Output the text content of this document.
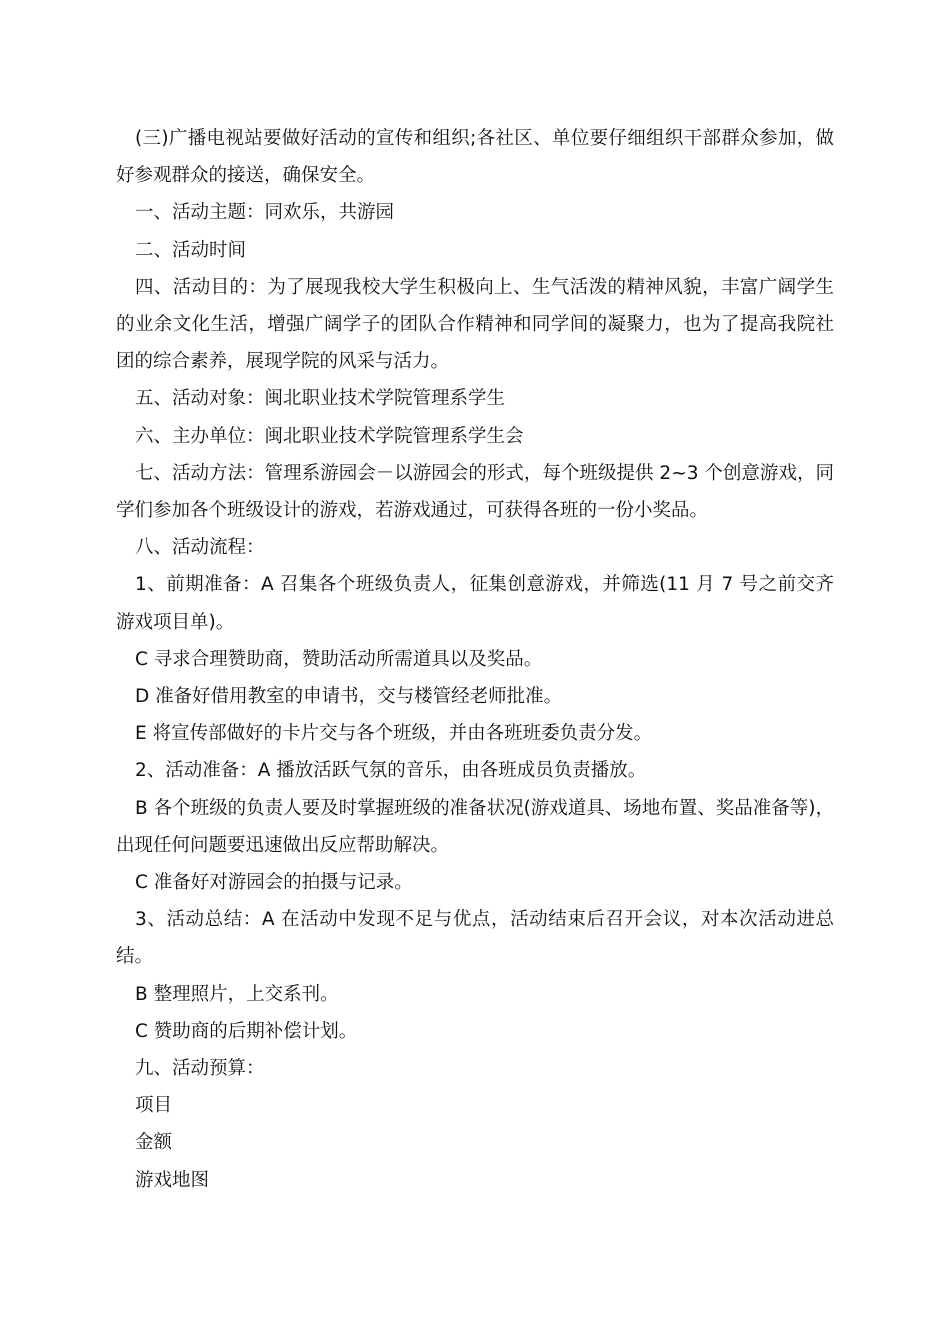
(三)广播电视站要做好活动的宣传和组织;各社区、单位要仔细组织干部群众参加，做好参观群众的接送，确保安全。

一、活动主题：同欢乐，共游园

二、活动时间

四、活动目的：为了展现我校大学生积极向上、生气活泼的精神风貌，丰富广阔学生的业余文化生活，增强广阔学子的团队合作精神和同学间的凝聚力，也为了提高我院社团的综合素养，展现学院的风采与活力。

五、活动对象：闽北职业技术学院管理系学生

六、主办单位：闽北职业技术学院管理系学生会

七、活动方法：管理系游园会－以游园会的形式，每个班级提供 2~3 个创意游戏，同学们参加各个班级设计的游戏，若游戏通过，可获得各班的一份小奖品。

八、活动流程：

1、前期准备：A 召集各个班级负责人，征集创意游戏，并筛选(11 月 7 号之前交齐游戏项目单)。

C 寻求合理赞助商，赞助活动所需道具以及奖品。

D 准备好借用教室的申请书，交与楼管经老师批准。

E 将宣传部做好的卡片交与各个班级，并由各班班委负责分发。

2、活动准备：A 播放活跃气氛的音乐，由各班成员负责播放。

B 各个班级的负责人要及时掌握班级的准备状况(游戏道具、场地布置、奖品准备等)，出现任何问题要迅速做出反应帮助解决。

C 准备好对游园会的拍摄与记录。

3、活动总结：A 在活动中发现不足与优点，活动结束后召开会议，对本次活动进总结。

B 整理照片，上交系刊。

C 赞助商的后期补偿计划。

九、活动预算：

项目

金额

游戏地图
